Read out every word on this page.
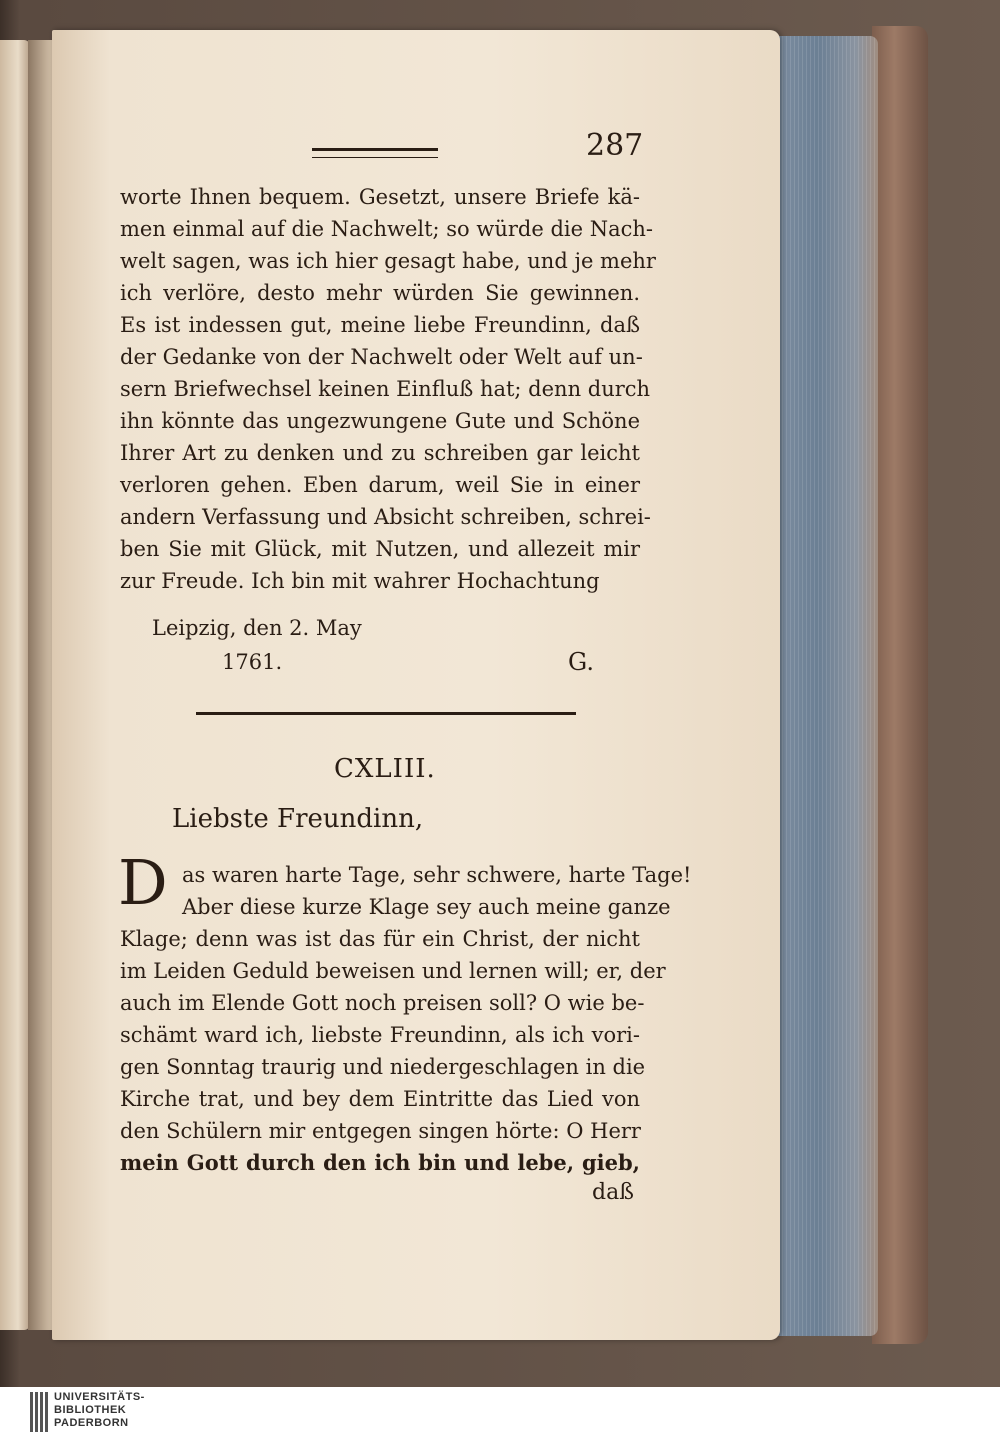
287
worte Ihnen bequem. Gesetzt, unsere Briefe kä-
men einmal auf die Nachwelt; so würde die Nach-
welt sagen, was ich hier gesagt habe, und je mehr
ich verlöre, desto mehr würden Sie gewinnen.
Es ist indessen gut, meine liebe Freundinn, daß
der Gedanke von der Nachwelt oder Welt auf un-
sern Briefwechsel keinen Einfluß hat; denn durch
ihn könnte das ungezwungene Gute und Schöne
Ihrer Art zu denken und zu schreiben gar leicht
verloren gehen. Eben darum, weil Sie in einer
andern Verfassung und Absicht schreiben, schrei-
ben Sie mit Glück, mit Nutzen, und allezeit mir
zur Freude. Ich bin mit wahrer Hochachtung
Leipzig, den 2. May
1761.	G.
CXLIII.
Liebste Freundinn,
D as waren harte Tage, sehr schwere, harte Tage!
Aber diese kurze Klage sey auch meine ganze
Klage; denn was ist das für ein Christ, der nicht
im Leiden Geduld beweisen und lernen will; er, der
auch im Elende Gott noch preisen soll? O wie be-
schämt ward ich, liebste Freundinn, als ich vori-
gen Sonntag traurig und niedergeschlagen in die
Kirche trat, und bey dem Eintritte das Lied von
den Schülern mir entgegen singen hörte: O Herr
mein Gott durch den ich bin und lebe, gieb,
daß
UNIVERSITÄTS-
BIBLIOTHEK
PADERBORN
